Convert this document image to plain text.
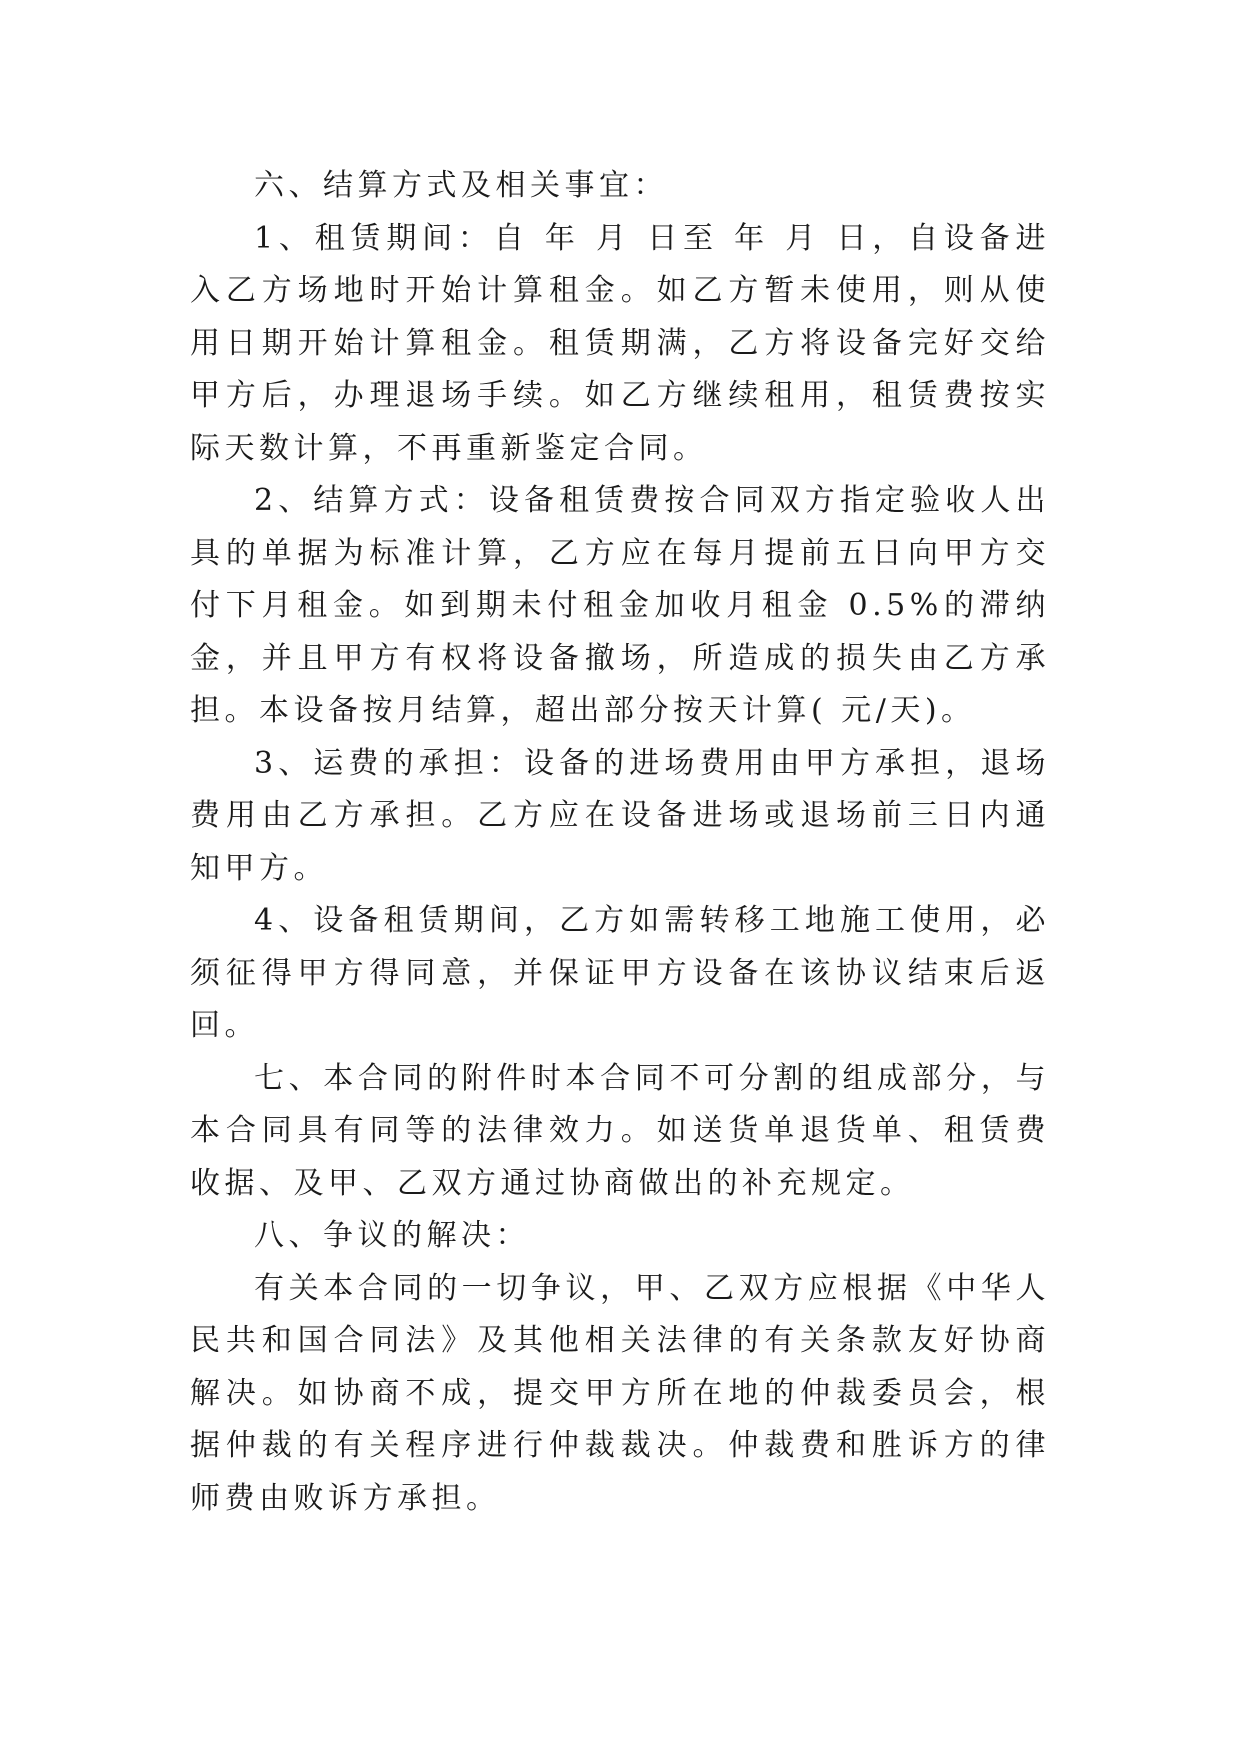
六、结算方式及相关事宜：

1、租赁期间：自 年 月 日至 年 月 日，自设备进入乙方场地时开始计算租金。如乙方暂未使用，则从使用日期开始计算租金。租赁期满，乙方将设备完好交给甲方后，办理退场手续。如乙方继续租用，租赁费按实际天数计算，不再重新鉴定合同。

2、结算方式：设备租赁费按合同双方指定验收人出具的单据为标准计算，乙方应在每月提前五日向甲方交付下月租金。如到期未付租金加收月租金 0.5%的滞纳金，并且甲方有权将设备撤场，所造成的损失由乙方承担。本设备按月结算，超出部分按天计算( 元/天)。

3、运费的承担：设备的进场费用由甲方承担，退场费用由乙方承担。乙方应在设备进场或退场前三日内通知甲方。

4、设备租赁期间，乙方如需转移工地施工使用，必须征得甲方得同意，并保证甲方设备在该协议结束后返回。

七、本合同的附件时本合同不可分割的组成部分，与本合同具有同等的法律效力。如送货单退货单、租赁费收据、及甲、乙双方通过协商做出的补充规定。

八、争议的解决：

有关本合同的一切争议，甲、乙双方应根据《中华人民共和国合同法》及其他相关法律的有关条款友好协商解决。如协商不成，提交甲方所在地的仲裁委员会，根据仲裁的有关程序进行仲裁裁决。仲裁费和胜诉方的律师费由败诉方承担。
